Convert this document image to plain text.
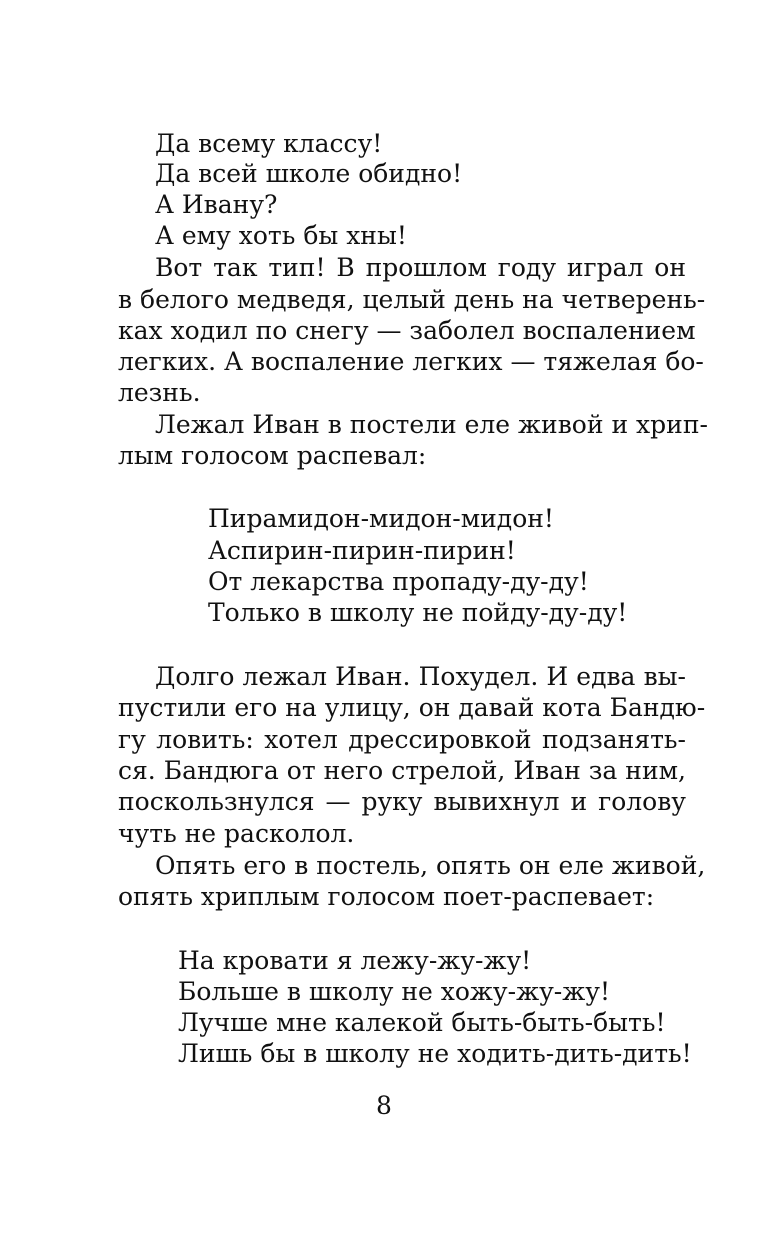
Да всему классу!
Да всей школе обидно!
А Ивану?
А ему хоть бы хны!
Вот так тип! В прошлом году играл он
в белого медведя, целый день на четверень-
ках ходил по снегу — заболел воспалением
легких. А воспаление легких — тяжелая бо-
лезнь.
Лежал Иван в постели еле живой и хрип-
лым голосом распевал:
Пирамидон-мидон-мидон!
Аспирин-пирин-пирин!
От лекарства пропаду-ду-ду!
Только в школу не пойду-ду-ду!
Долго лежал Иван. Похудел. И едва вы-
пустили его на улицу, он давай кота Бандю-
гу ловить: хотел дрессировкой подзанять-
ся. Бандюга от него стрелой, Иван за ним,
поскользнулся — руку вывихнул и голову
чуть не расколол.
Опять его в постель, опять он еле живой,
опять хриплым голосом поет-распевает:
На кровати я лежу-жу-жу!
Больше в школу не хожу-жу-жу!
Лучше мне калекой быть-быть-быть!
Лишь бы в школу не ходить-дить-дить!
8
